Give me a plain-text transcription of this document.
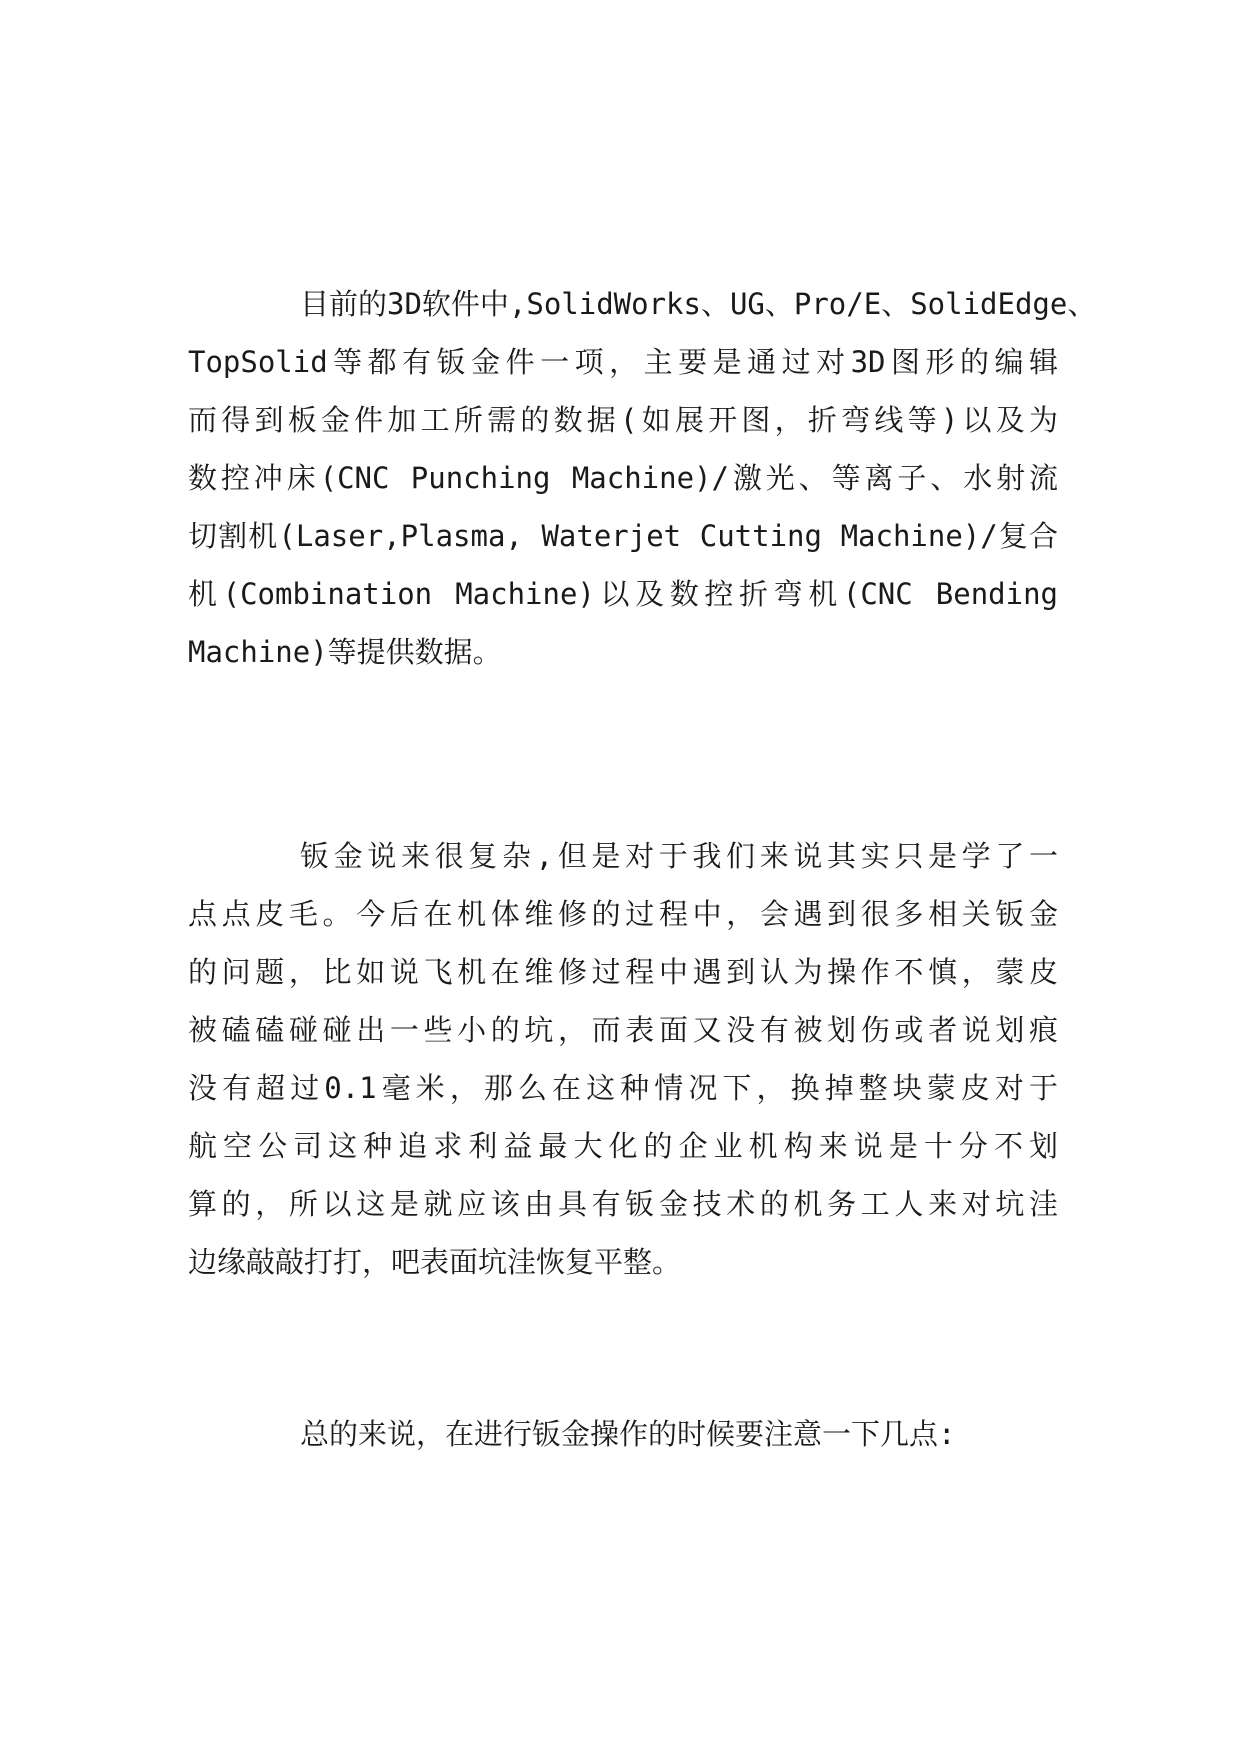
目前的3D软件中,SolidWorks、UG、Pro/E、SolidEdge、
TopSolid等都有钣金件一项，主要是通过对3D图形的编辑
而得到板金件加工所需的数据(如展开图，折弯线等)以及为
数控冲床(CNC Punching Machine)/激光、等离子、水射流
切割机(Laser,Plasma, Waterjet Cutting Machine)/复合
机(Combination Machine)以及数控折弯机(CNC Bending
Machine)等提供数据。
钣金说来很复杂,但是对于我们来说其实只是学了一
点点皮毛。今后在机体维修的过程中，会遇到很多相关钣金
的问题，比如说飞机在维修过程中遇到认为操作不慎，蒙皮
被磕磕碰碰出一些小的坑，而表面又没有被划伤或者说划痕
没有超过0.1毫米，那么在这种情况下，换掉整块蒙皮对于
航空公司这种追求利益最大化的企业机构来说是十分不划
算的，所以这是就应该由具有钣金技术的机务工人来对坑洼
边缘敲敲打打，吧表面坑洼恢复平整。
总的来说，在进行钣金操作的时候要注意一下几点:
